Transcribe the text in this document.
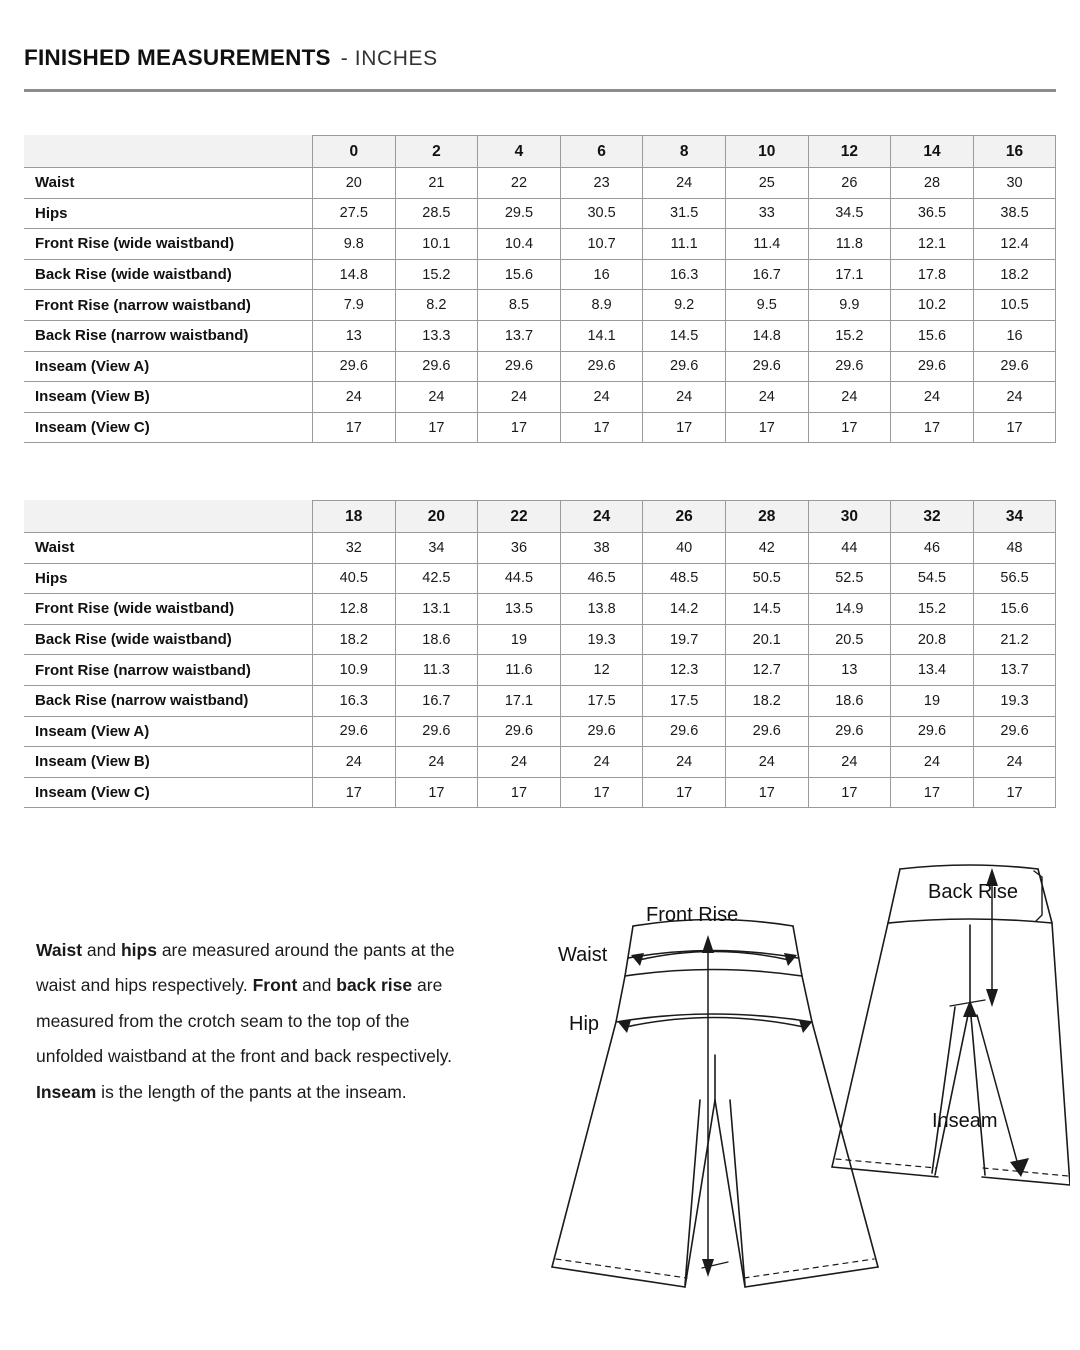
FINISHED MEASUREMENTS - INCHES
	0	2	4	6	8	10	12	14	16
Waist	20	21	22	23	24	25	26	28	30
Hips	27.5	28.5	29.5	30.5	31.5	33	34.5	36.5	38.5
Front Rise (wide waistband)	9.8	10.1	10.4	10.7	11.1	11.4	11.8	12.1	12.4
Back Rise (wide waistband)	14.8	15.2	15.6	16	16.3	16.7	17.1	17.8	18.2
Front Rise (narrow waistband)	7.9	8.2	8.5	8.9	9.2	9.5	9.9	10.2	10.5
Back Rise (narrow waistband)	13	13.3	13.7	14.1	14.5	14.8	15.2	15.6	16
Inseam (View A)	29.6	29.6	29.6	29.6	29.6	29.6	29.6	29.6	29.6
Inseam (View B)	24	24	24	24	24	24	24	24	24
Inseam (View C)	17	17	17	17	17	17	17	17	17
	18	20	22	24	26	28	30	32	34
Waist	32	34	36	38	40	42	44	46	48
Hips	40.5	42.5	44.5	46.5	48.5	50.5	52.5	54.5	56.5
Front Rise (wide waistband)	12.8	13.1	13.5	13.8	14.2	14.5	14.9	15.2	15.6
Back Rise (wide waistband)	18.2	18.6	19	19.3	19.7	20.1	20.5	20.8	21.2
Front Rise (narrow waistband)	10.9	11.3	11.6	12	12.3	12.7	13	13.4	13.7
Back Rise (narrow waistband)	16.3	16.7	17.1	17.5	17.5	18.2	18.6	19	19.3
Inseam (View A)	29.6	29.6	29.6	29.6	29.6	29.6	29.6	29.6	29.6
Inseam (View B)	24	24	24	24	24	24	24	24	24
Inseam (View C)	17	17	17	17	17	17	17	17	17

Waist and hips are measured around the pants at the waist and hips respectively. Front and back rise are measured from the crotch seam to the top of the unfolded waistband at the front and back respectively. Inseam is the length of the pants at the inseam.

Front Rise
Waist
Hip
Back Rise
Inseam
